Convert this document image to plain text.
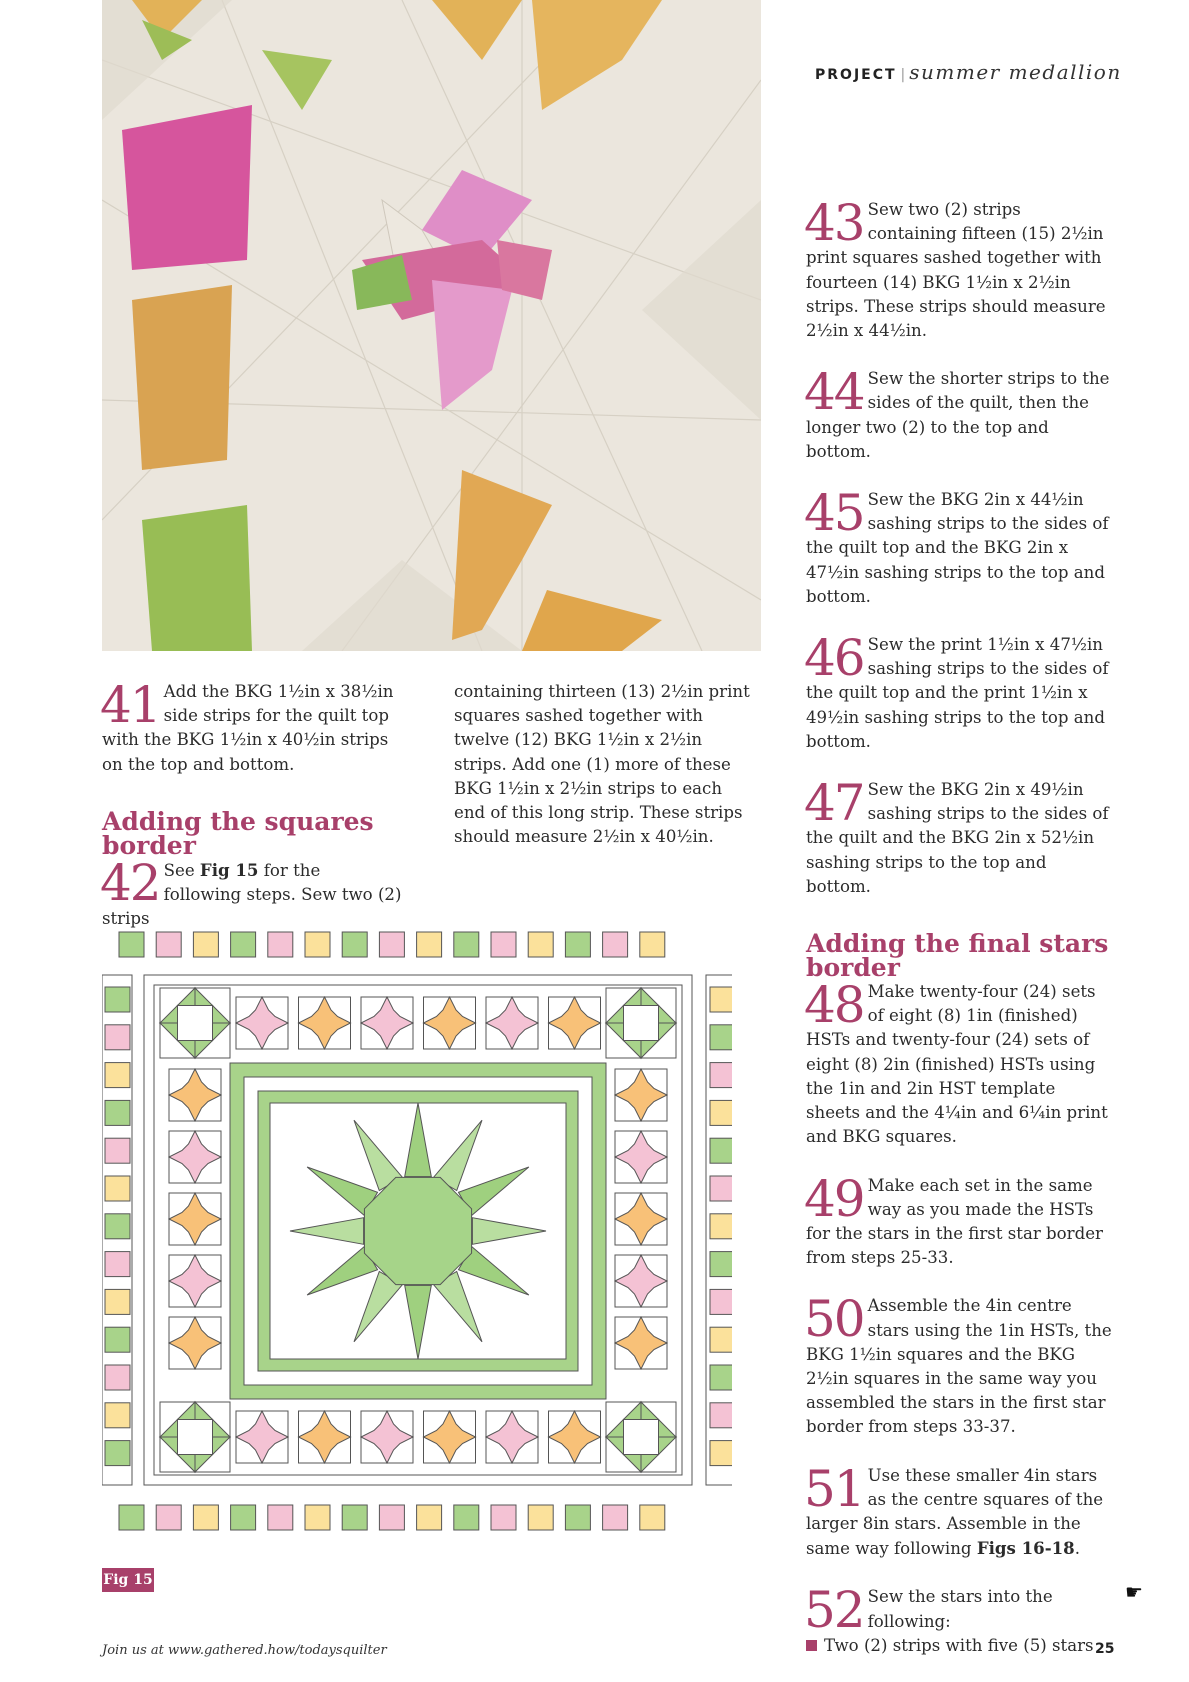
PROJECT | summer medallion

41 Add the BKG 1½in x 38½in side strips for the quilt top with the BKG 1½in x 40½in strips on the top and bottom.

Adding the squares border

42 See Fig 15 for the following steps. Sew two (2) strips

containing thirteen (13) 2½in print squares sashed together with twelve (12) BKG 1½in x 2½in strips. Add one (1) more of these BKG 1½in x 2½in strips to each end of this long strip. These strips should measure 2½in x 40½in.

43 Sew two (2) strips containing fifteen (15) 2½in print squares sashed together with fourteen (14) BKG 1½in x 2½in strips. These strips should measure 2½in x 44½in.

44 Sew the shorter strips to the sides of the quilt, then the longer two (2) to the top and bottom.

45 Sew the BKG 2in x 44½in sashing strips to the sides of the quilt top and the BKG 2in x 47½in sashing strips to the top and bottom.

46 Sew the print 1½in x 47½in sashing strips to the sides of the quilt top and the print 1½in x 49½in sashing strips to the top and bottom.

47 Sew the BKG 2in x 49½in sashing strips to the sides of the quilt and the BKG 2in x 52½in sashing strips to the top and bottom.

Adding the final stars border

48 Make twenty-four (24) sets of eight (8) 1in (finished) HSTs and twenty-four (24) sets of eight (8) 2in (finished) HSTs using the 1in and 2in HST template sheets and the 4¼in and 6¼in print and BKG squares.

49 Make each set in the same way as you made the HSTs for the stars in the first star border from steps 25-33.

50 Assemble the 4in centre stars using the 1in HSTs, the BKG 1½in squares and the BKG 2½in squares in the same way you assembled the stars in the first star border from steps 33-37.

51 Use these smaller 4in stars as the centre squares of the larger 8in stars. Assemble in the same way following Figs 16-18.

52 Sew the stars into the following:

Two (2) strips with five (5) stars

Fig 15	☛
Join us at www.gathered.how/todaysquilter	25
